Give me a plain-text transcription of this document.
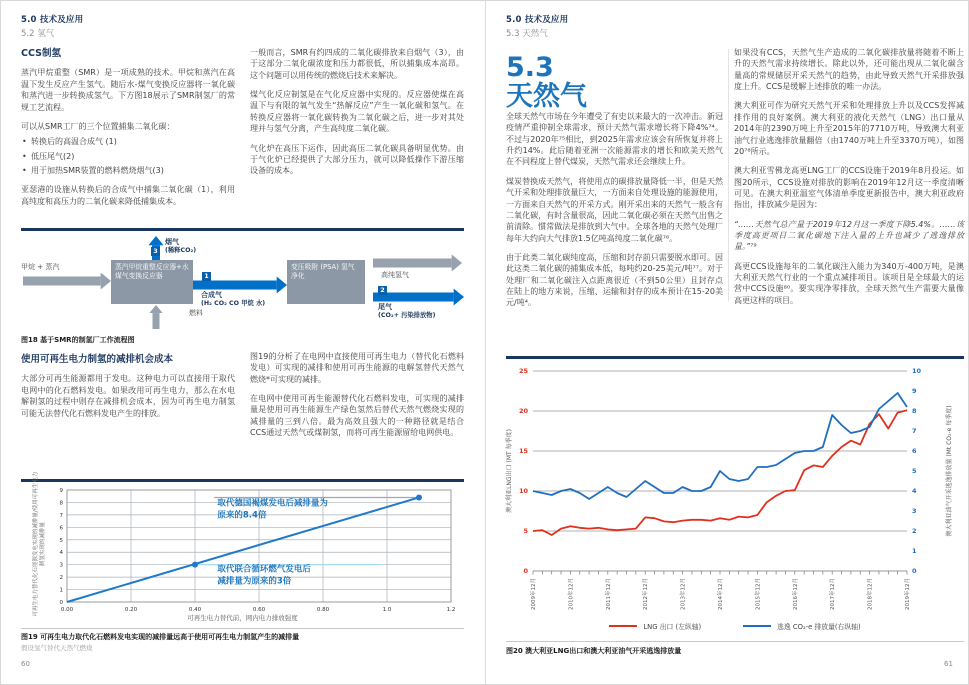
5.0 技术及应用
5.2 氢气
CCS制氢

蒸汽甲烷重整（SMR）是一项成熟的技术。甲烷和蒸汽在高温下发生反应产生氢气。随后水-煤气变换反应器将一氧化碳和蒸汽进一步转换成氢气。下方图18展示了SMR制氢厂的常规工艺流程。

可以从SMR工厂的三个位置捕集二氧化碳：

• 转换后的高温合成气 (1)
• 低压尾气(2)
• 用于加热SMR装置的燃料燃烧烟气(3)

亚瑟港的设施从转换后的合成气中捕集二氧化碳（1），利用高纯度和高压力的二氧化碳来降低捕集成本。

一般而言，SMR有约四成的二氧化碳排放来自烟气（3），由于这部分二氧化碳浓度和压力都很低，所以捕集成本高昂。这个问题可以用传统的燃烧后技术来解决。

煤气化反应制氢是在气化反应器中实现的。反应器使煤在高温下与有限的氧气发生“热解反应”产生一氧化碳和氢气。在转换反应器将一氧化碳转换为二氧化碳之后，进一步对其处理并与氢气分离，产生高纯度二氧化碳。

气化炉在高压下运作，因此高压二氧化碳具备明显优势。由于气化炉已经提供了大部分压力，就可以降低操作下游压缩设备的成本。

蒸汽甲烷重整反应器+水煤气变换反应器
变压吸附 (PSA) 氢气净化
3
1
2
甲烷 + 蒸汽
烟气
(稀释CO₂)
燃料
合成气
(H₂ CO₂ CO 甲烷 水)
高纯氢气
尾气
(CO₂+ 污染排放物)
图18 基于SMR的制氢厂工作流程图
使用可再生电力制氢的减排机会成本

大部分可再生能源都用于发电。这种电力可以直接用于取代电网中的化石燃料发电。如果改用可再生电力，那么在水电解制氢的过程中则存在减排机会成本，因为可再生电力制氢可能无法替代化石燃料发电产生的排放。

图19的分析了在电网中直接使用可再生电力（替代化石燃料发电）可实现的减排和使用可再生能源的电解氢替代天然气燃烧*可实现的减排。

在电网中使用可再生能源替代化石燃料发电，可实现的减排量是使用可再生能源生产绿色氢然后替代天然气燃烧实现的减排量的三到八倍。最为高效且强大的一种路径就是结合CCS通过天然气或煤制氢，而将可再生能源留给电网供电。

可再生电力替代化石能源发电实现的减排量/使用可再生电力制氢实现的减排量
0
1
2
3
4
5
6
7
8
9
0.00	0.20	0.40	0.60	0.80	1.0	1.2
取代德国褐煤发电后减排量为
原来的8.4倍
取代联合循环燃气发电后
减排量为原来的3倍
可再生电力替代前，网内电力排放强度
图19 可再生电力取代化石燃料发电实现的减排量远高于使用可再生电力制氢产生的减排量
假设氢气替代天然气燃烧
60
5.0 技术及应用
5.3 天然气
5.3
天然气

全球天然气市场在今年遭受了有史以来最大的一次冲击。新冠疫情严重抑制全球需求，预计天然气需求增长将下降4%⁷⁴。不过与2020年⁷⁵相比，到2025年需求应该会有所恢复并将上升约14%。此后随着亚洲一次能源需求的增长和欧美天然气在不同程度上替代煤炭，天然气需求还会继续上升。

煤炭替换成天然气，将使用点的碳排放量降低一半，但是天然气开采和处理排放量巨大，一方面来自处理设施的能源使用，一方面来自天然气的开采方式。刚开采出来的天然气一般含有二氧化碳，有时含量很高，因此二氧化碳必须在天然气出售之前清除。惯常做法是排放到大气中。全球各地的天然气处理厂每年大约向大气排放1.5亿吨高纯度二氧化碳⁷⁶。

由于此类二氧化碳纯度高，压缩和封存前只需要脱水即可。因此这类二氧化碳的捕集成本低，每吨约20-25美元/吨⁷⁷。对于处理厂和二氧化碳注入点距离很近（不到50公里）且封存点在陆上的地方来说，压缩、运输和封存的成本预计在15-20美元/吨⁴。

如果没有CCS，天然气生产造成的二氧化碳排放量将随着不断上升的天然气需求持续增长。除此以外，还可能出现从二氧化碳含量高的常规储层开采天然气的趋势，由此导致天然气开采排放强度上升。CCS是缓解上述排放的唯一办法。

澳大利亚可作为研究天然气开采和处理排放上升以及CCS发挥减排作用的良好案例。澳大利亚的液化天然气（LNG）出口量从2014年的2390万吨上升至2015年的7710万吨，导致澳大利亚油气行业逃逸排放量翻倍（由1740万吨上升至3370万吨），如图20⁷⁸所示。

澳大利亚雪佛龙高更LNG工厂的CCS设施于2019年8月投运。如图20所示，CCS设施对排放的影响在2019年12月这一季度清晰可见。在澳大利亚温室气体清单季度更新报告中，澳大利亚政府指出，排放减少是因为：

“……天然气总产量于2019年12月这一季度下降5.4%。……该季度高更项目二氧化碳地下注入量的上升也减少了逃逸排放量。”⁷⁹

高更CCS设施每年的二氧化碳注入能力为340万-400万吨，是澳大利亚天然气行业的一个重点减排项目。该项目是全球最大的运营中CCS设施⁸⁰。要实现净零排放，全球天然气生产需要大量像高更这样的项目。

0
5
10
15
20
25
0
1
2
3
4
5
6
7
8
9
10
2009年12月	2010年12月	2011年12月	2012年12月	2013年12月	2014年12月	2015年12月	2016年12月	2017年12月	2018年12月	2019年12月
澳大利亚LNG出口 (MT 每季度)	澳大利亚油气开采逃逸排放量 (Mt CO₂-e 每季度)
LNG 出口 (左纵轴)	逃逸 CO₂-e 排放量(右纵轴)
图20 澳大利亚LNG出口和澳大利亚油气开采逃逸排放量
61
